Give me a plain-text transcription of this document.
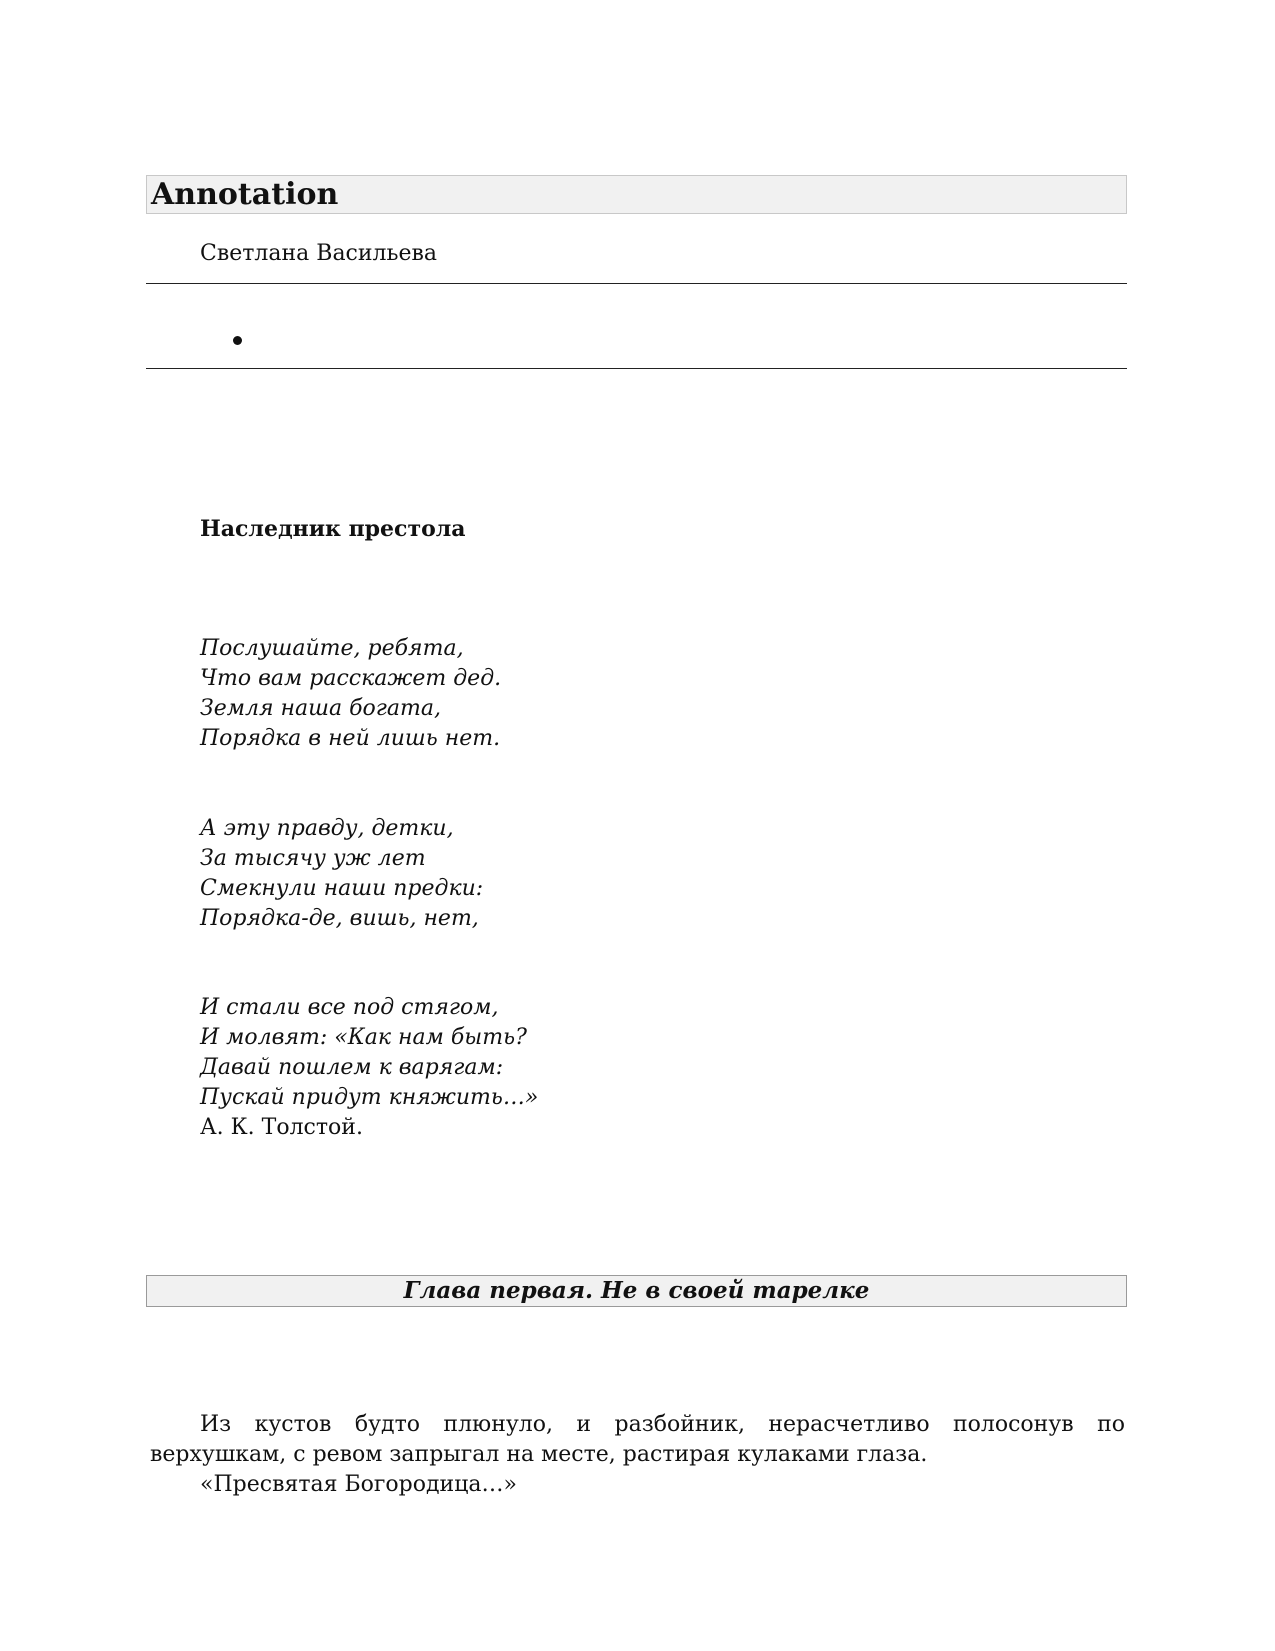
Annotation
Светлана Васильева
Наследник престола
Послушайте, ребята,
Что вам расскажет дед.
Земля наша богата,
Порядка в ней лишь нет.
А эту правду, детки,
За тысячу уж лет
Смекнули наши предки:
Порядка-де, вишь, нет,
И стали все под стягом,
И молвят: «Как нам быть?
Давай пошлем к варягам:
Пускай придут княжить…»
А. К. Толстой.
Глава первая. Не в своей тарелке
Из кустов будто плюнуло, и разбойник, нерасчетливо полосонув по верхушкам, с ревом запрыгал на месте, растирая кулаками глаза.
«Пресвятая Богородица…»
